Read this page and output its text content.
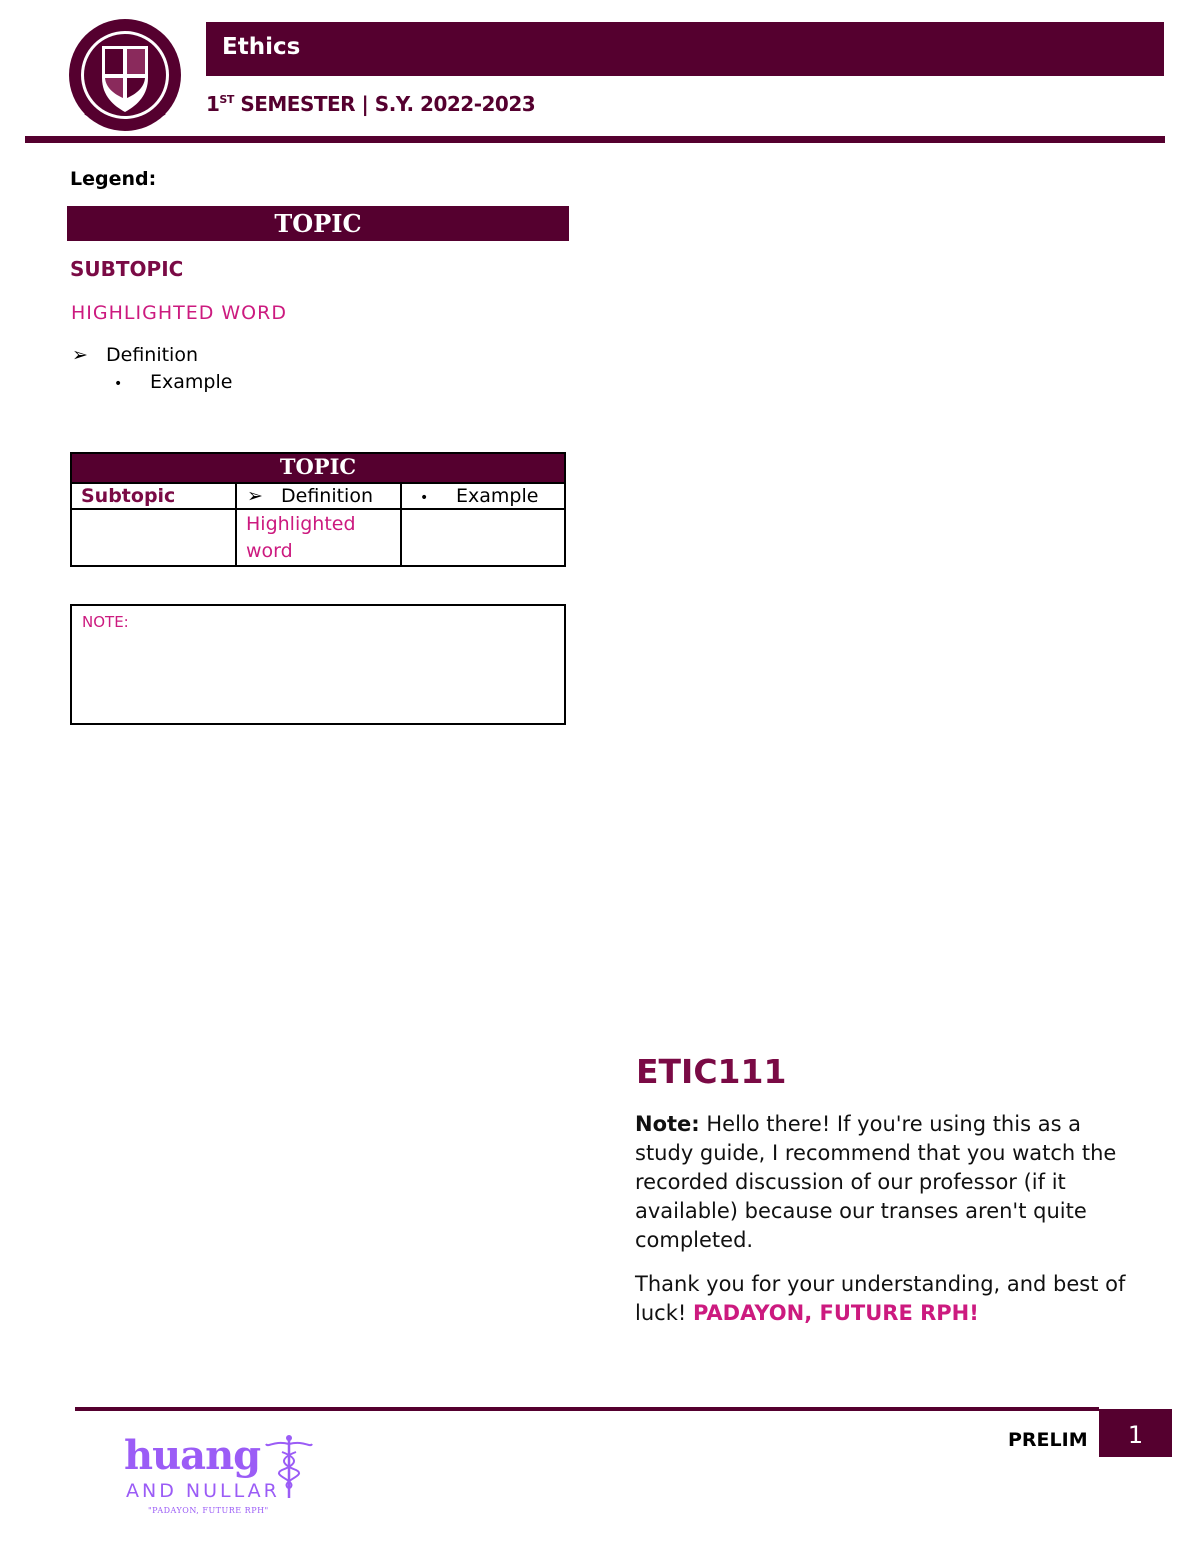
Ethics
1ST SEMESTER | S.Y. 2022-2023
Legend:
TOPIC
SUBTOPIC
HIGHLIGHTED WORD
➢ Definition
• Example
TOPIC		
Subtopic	➢ Definition	• Example
	Highlighted
word	
NOTE:
ETIC111

Note: Hello there! If you're using this as a study guide, I recommend that you watch the recorded discussion of our professor (if it available) because our transes aren't quite completed.

Thank you for your understanding, and best of luck! PADAYON, FUTURE RPH!

PRELIM	1
huang
AND NULLAR
"PADAYON, FUTURE RPH"
